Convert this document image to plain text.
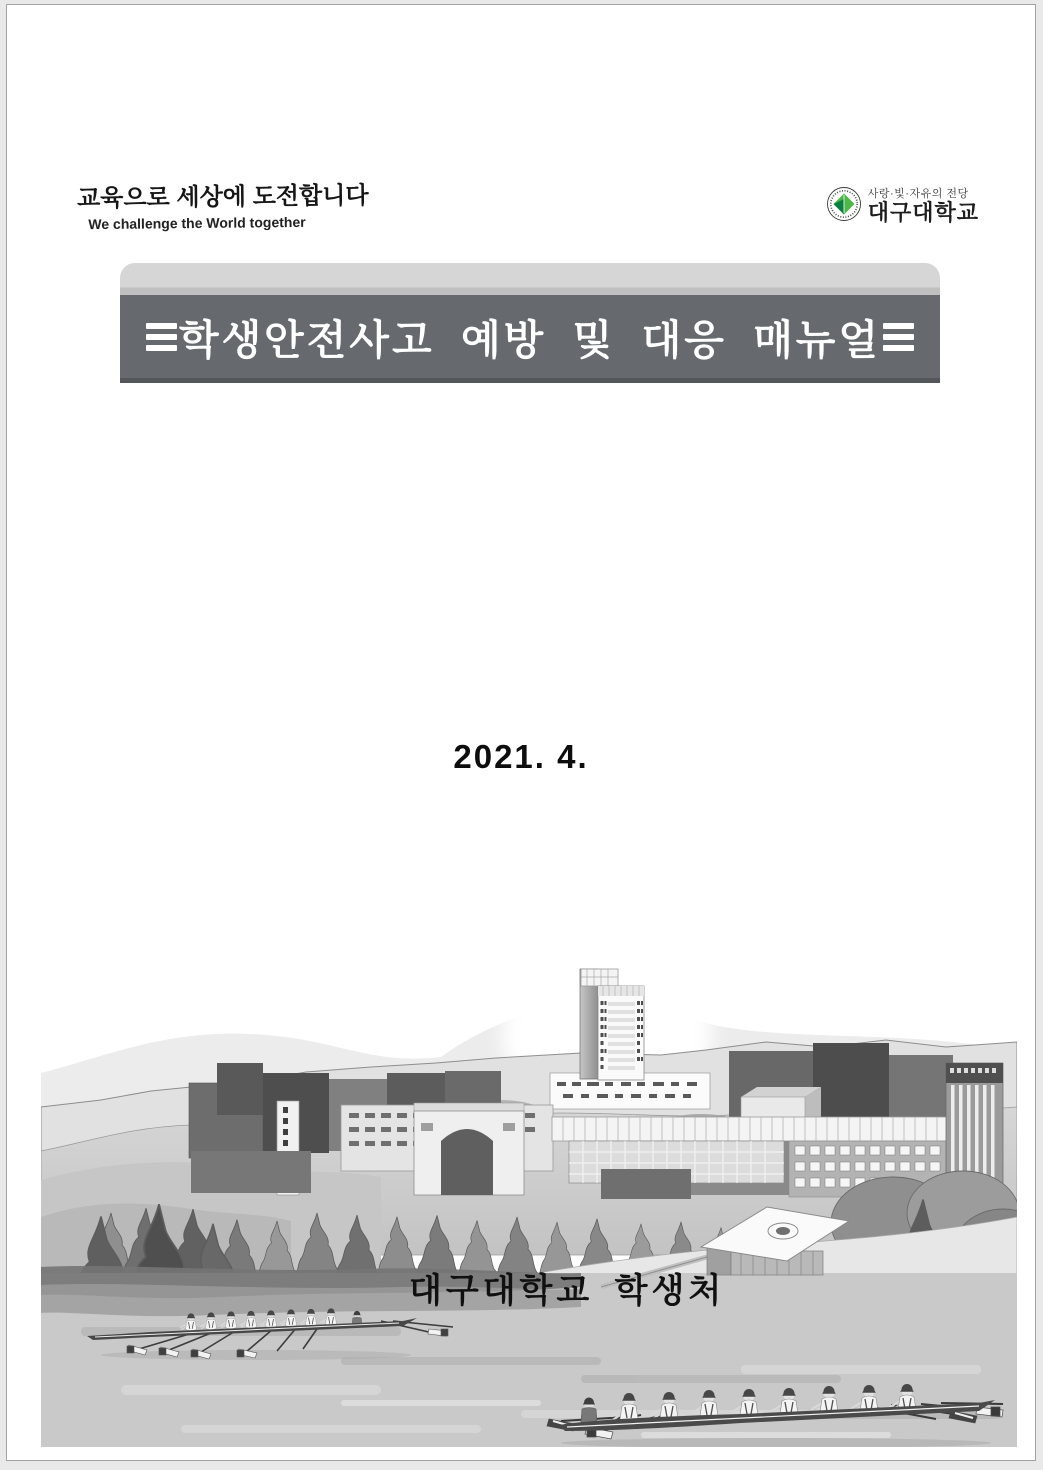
교육으로 세상에 도전합니다
We challenge the World together
사랑·빛·자유의 전당
대구대학교
학생안전사고 예방 및 대응 매뉴얼
2021. 4.
대구대학교 학생처
